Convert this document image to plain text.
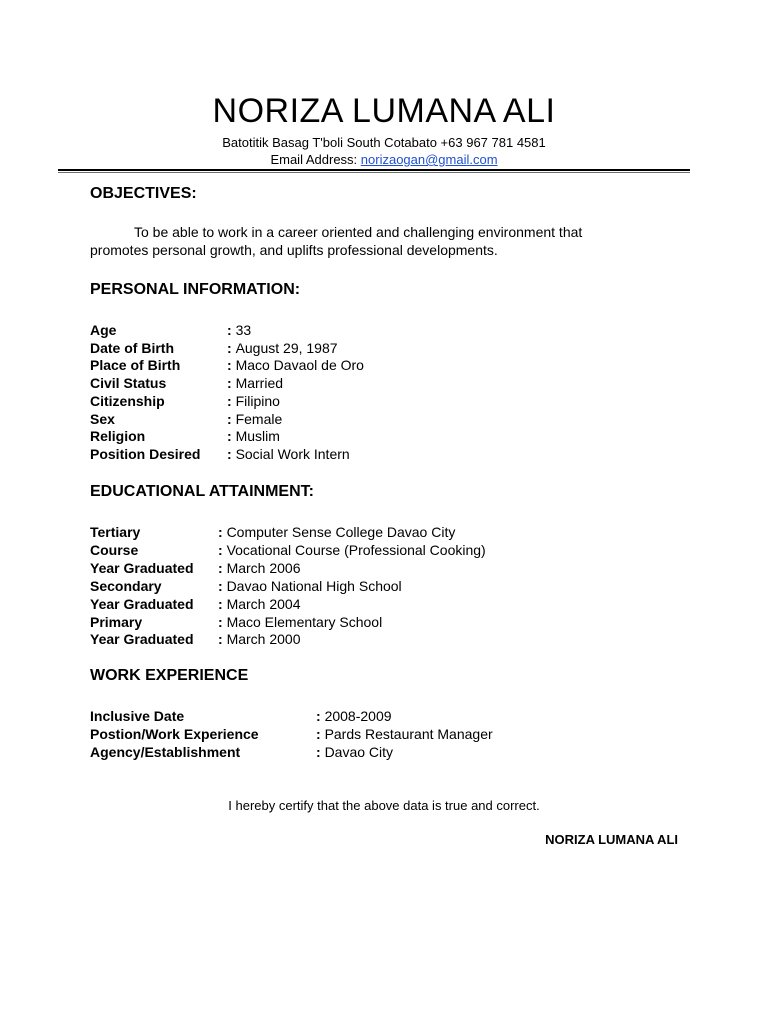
NORIZA LUMANA ALI
Batotitik Basag T'boli South Cotabato +63 967 781 4581
Email Address: norizaogan@gmail.com
OBJECTIVES:
To be able to work in a career oriented and challenging environment that
promotes personal growth, and uplifts professional developments.
PERSONAL INFORMATION:
Age	: 33
Date of Birth	: August 29, 1987
Place of Birth	: Maco Davaol de Oro
Civil Status	: Married
Citizenship	: Filipino
Sex	: Female
Religion	: Muslim
Position Desired : Social Work Intern
EDUCATIONAL ATTAINMENT:
Tertiary	: Computer Sense College Davao City
Course	: Vocational Course (Professional Cooking)
Year Graduated : March 2006
Secondary	: Davao National High School
Year Graduated : March 2004
Primary	: Maco Elementary School
Year Graduated : March 2000
WORK EXPERIENCE
Inclusive Date	: 2008-2009
Postion/Work Experience	: Pards Restaurant Manager
Agency/Establishment	: Davao City
I hereby certify that the above data is true and correct.
NORIZA LUMANA ALI
